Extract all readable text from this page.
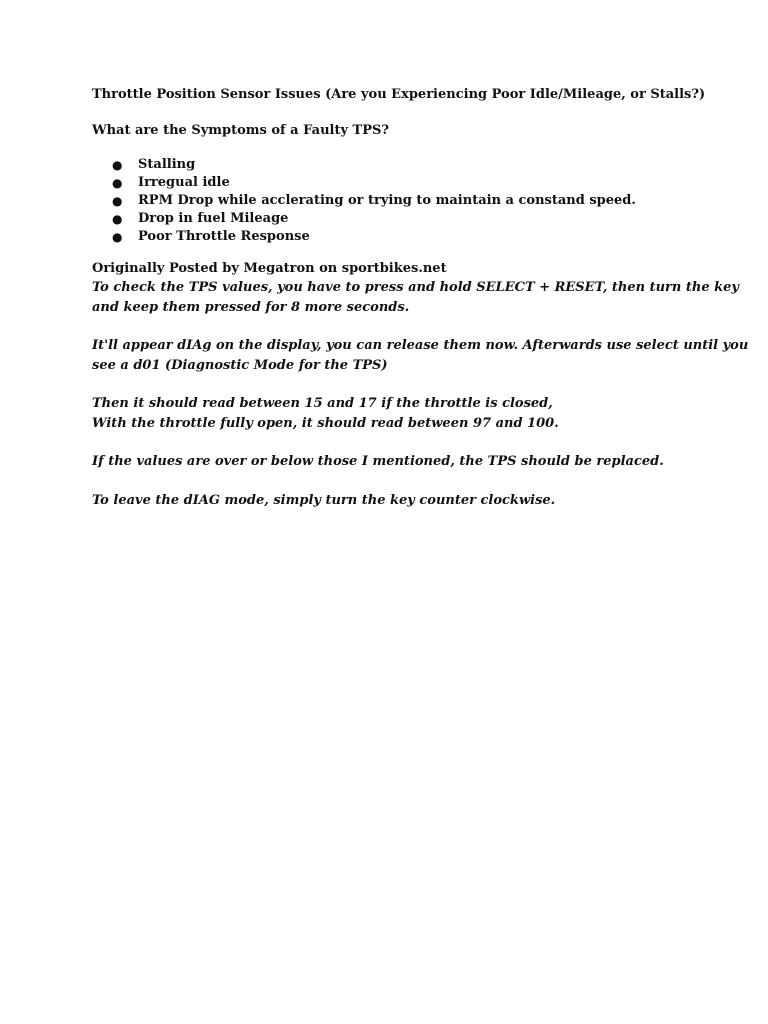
Throttle Position Sensor Issues (Are you Experiencing Poor Idle/Mileage, or Stalls?)

What are the Symptoms of a Faulty TPS?

● Stalling
● Irregual idle
● RPM Drop while acclerating or trying to maintain a constand speed.
● Drop in fuel Mileage
● Poor Throttle Response

Originally Posted by Megatron on sportbikes.net

To check the TPS values, you have to press and hold SELECT + RESET, then turn the key
and keep them pressed for 8 more seconds.

It'll appear dIAg on the display, you can release them now. Afterwards use select until you
see a d01 (Diagnostic Mode for the TPS)

Then it should read between 15 and 17 if the throttle is closed,
With the throttle fully open, it should read between 97 and 100.

If the values are over or below those I mentioned, the TPS should be replaced.

To leave the dIAG mode, simply turn the key counter clockwise.
